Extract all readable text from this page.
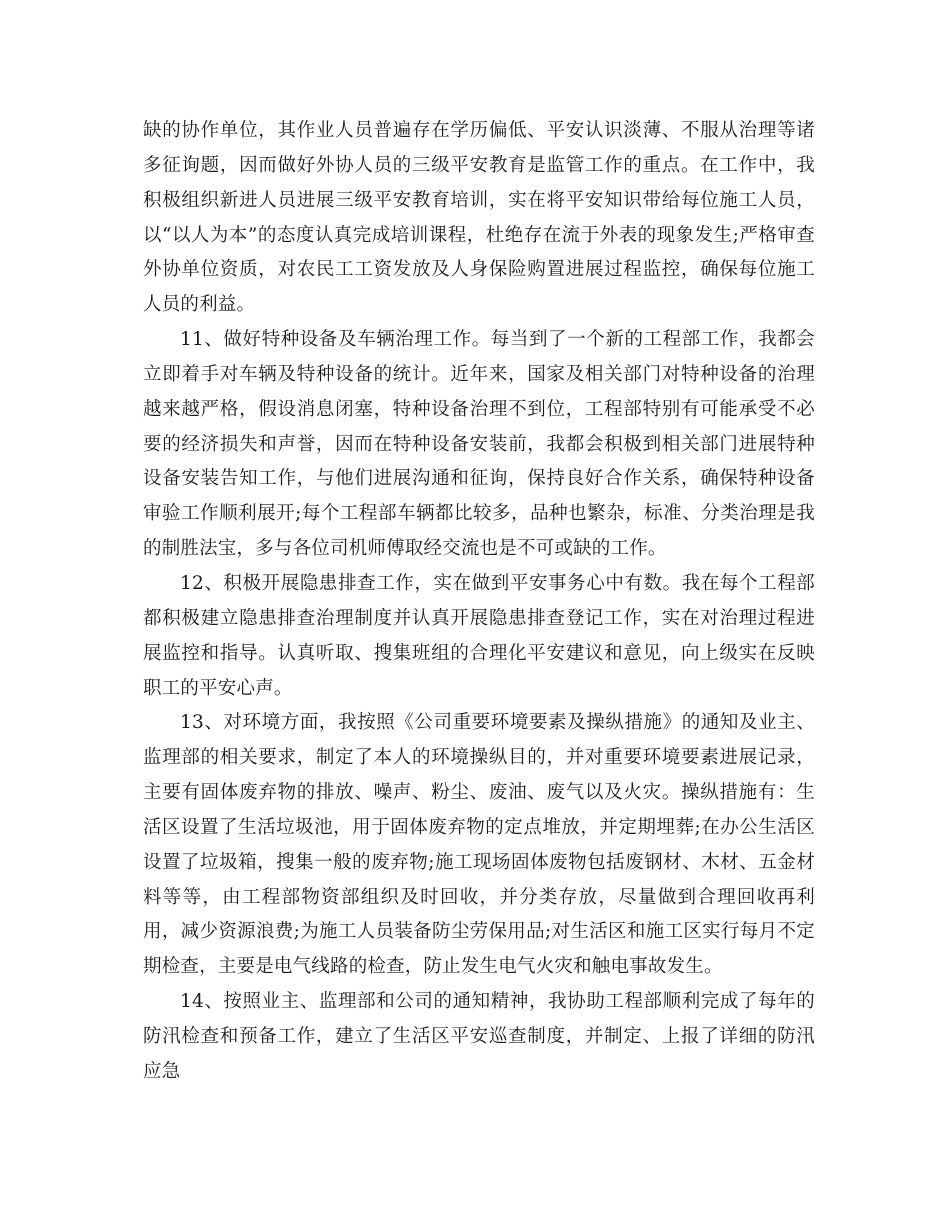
缺的协作单位，其作业人员普遍存在学历偏低、平安认识淡薄、不服从治理等诸多征询题，因而做好外协人员的三级平安教育是监管工作的重点。在工作中，我积极组织新进人员进展三级平安教育培训，实在将平安知识带给每位施工人员，以“以人为本”的态度认真完成培训课程，杜绝存在流于外表的现象发生;严格审查外协单位资质，对农民工工资发放及人身保险购置进展过程监控，确保每位施工人员的利益。

11、做好特种设备及车辆治理工作。每当到了一个新的工程部工作，我都会立即着手对车辆及特种设备的统计。近年来，国家及相关部门对特种设备的治理越来越严格，假设消息闭塞，特种设备治理不到位，工程部特别有可能承受不必要的经济损失和声誉，因而在特种设备安装前，我都会积极到相关部门进展特种设备安装告知工作，与他们进展沟通和征询，保持良好合作关系，确保特种设备审验工作顺利展开;每个工程部车辆都比较多，品种也繁杂，标准、分类治理是我的制胜法宝，多与各位司机师傅取经交流也是不可或缺的工作。

12、积极开展隐患排查工作，实在做到平安事务心中有数。我在每个工程部都积极建立隐患排查治理制度并认真开展隐患排查登记工作，实在对治理过程进展监控和指导。认真听取、搜集班组的合理化平安建议和意见，向上级实在反映职工的平安心声。

13、对环境方面，我按照《公司重要环境要素及操纵措施》的通知及业主、监理部的相关要求，制定了本人的环境操纵目的，并对重要环境要素进展记录，主要有固体废弃物的排放、噪声、粉尘、废油、废气以及火灾。操纵措施有：生活区设置了生活垃圾池，用于固体废弃物的定点堆放，并定期埋葬;在办公生活区设置了垃圾箱，搜集一般的废弃物;施工现场固体废物包括废钢材、木材、五金材料等等，由工程部物资部组织及时回收，并分类存放，尽量做到合理回收再利用，减少资源浪费;为施工人员装备防尘劳保用品;对生活区和施工区实行每月不定期检查，主要是电气线路的检查，防止发生电气火灾和触电事故发生。

14、按照业主、监理部和公司的通知精神，我协助工程部顺利完成了每年的防汛检查和预备工作，建立了生活区平安巡查制度，并制定、上报了详细的防汛应急
